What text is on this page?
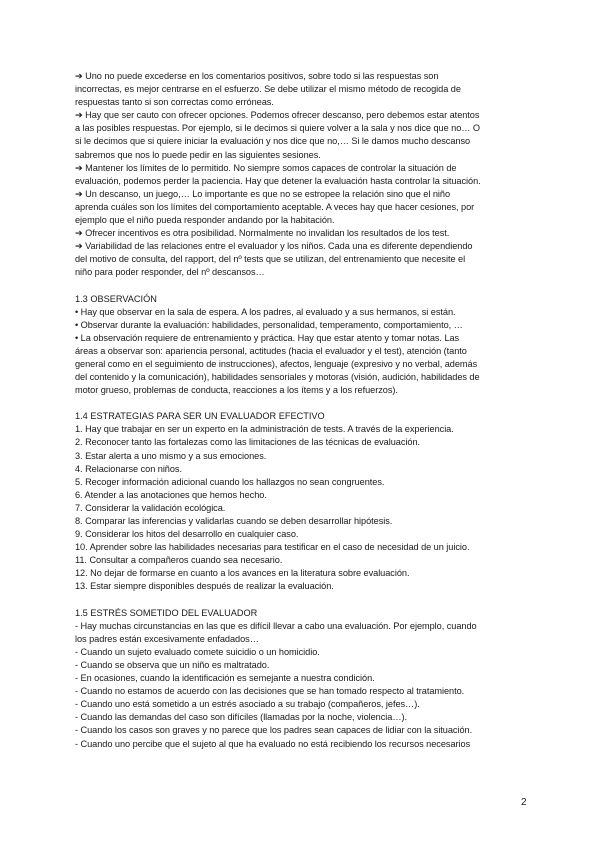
➔ Uno no puede excederse en los comentarios positivos, sobre todo si las respuestas son
incorrectas, es mejor centrarse en el esfuerzo. Se debe utilizar el mismo método de recogida de
respuestas tanto si son correctas como erróneas.
➔ Hay que ser cauto con ofrecer opciones. Podemos ofrecer descanso, pero debemos estar atentos
a las posibles respuestas. Por ejemplo, si le decimos si quiere volver a la sala y nos dice que no… O
si le decimos que si quiere iniciar la evaluación y nos dice que no,… Si le damos mucho descanso
sabremos que nos lo puede pedir en las siguientes sesiones.
➔ Mantener los límites de lo permitido. No siempre somos capaces de controlar la situación de
evaluación, podemos perder la paciencia. Hay que detener la evaluación hasta controlar la situación.
➔ Un descanso, un juego,… Lo importante es que no se estropee la relación sino que el niño
aprenda cuáles son los límites del comportamiento aceptable. A veces hay que hacer cesiones, por
ejemplo que el niño pueda responder andando por la habitación.
➔ Ofrecer incentivos es otra posibilidad. Normalmente no invalidan los resultados de los test.
➔ Variabilidad de las relaciones entre el evaluador y los niños. Cada una es diferente dependiendo
del motivo de consulta, del rapport, del nº tests que se utilizan, del entrenamiento que necesite el
niño para poder responder, del nº descansos…
1.3 OBSERVACIÓN
• Hay que observar en la sala de espera. A los padres, al evaluado y a sus hermanos, si están.
• Observar durante la evaluación: habilidades, personalidad, temperamento, comportamiento, …
• La observación requiere de entrenamiento y práctica. Hay que estar atento y tomar notas. Las
áreas a observar son: apariencia personal, actitudes (hacia el evaluador y el test), atención (tanto
general como en el seguimiento de instrucciones), afectos, lenguaje (expresivo y no verbal, además
del contenido y la comunicación), habilidades sensoriales y motoras (visión, audición, habilidades de
motor grueso, problemas de conducta, reacciones a los ítems y a los refuerzos).
1.4 ESTRATEGIAS PARA SER UN EVALUADOR EFECTIVO
1. Hay que trabajar en ser un experto en la administración de tests. A través de la experiencia.
2. Reconocer tanto las fortalezas como las limitaciones de las técnicas de evaluación.
3. Estar alerta a uno mismo y a sus emociones.
4. Relacionarse con niños.
5. Recoger información adicional cuando los hallazgos no sean congruentes.
6. Atender a las anotaciones que hemos hecho.
7. Considerar la validación ecológica.
8. Comparar las inferencias y validarlas cuando se deben desarrollar hipótesis.
9. Considerar los hitos del desarrollo en cualquier caso.
10. Aprender sobre las habilidades necesarias para testificar en el caso de necesidad de un juicio.
11. Consultar a compañeros cuando sea necesario.
12. No dejar de formarse en cuanto a los avances en la literatura sobre evaluación.
13. Estar siempre disponibles después de realizar la evaluación.
1.5 ESTRÉS SOMETIDO DEL EVALUADOR
- Hay muchas circunstancias en las que es difícil llevar a cabo una evaluación. Por ejemplo, cuando
los padres están excesivamente enfadados…
- Cuando un sujeto evaluado comete suicidio o un homicidio.
- Cuando se observa que un niño es maltratado.
- En ocasiones, cuando la identificación es semejante a nuestra condición.
- Cuando no estamos de acuerdo con las decisiones que se han tomado respecto al tratamiento.
- Cuando uno está sometido a un estrés asociado a su trabajo (compañeros, jefes…).
- Cuando las demandas del caso son difíciles (llamadas por la noche, violencia…).
- Cuando los casos son graves y no parece que los padres sean capaces de lidiar con la situación.
- Cuando uno percibe que el sujeto al que ha evaluado no está recibiendo los recursos necesarios
2
